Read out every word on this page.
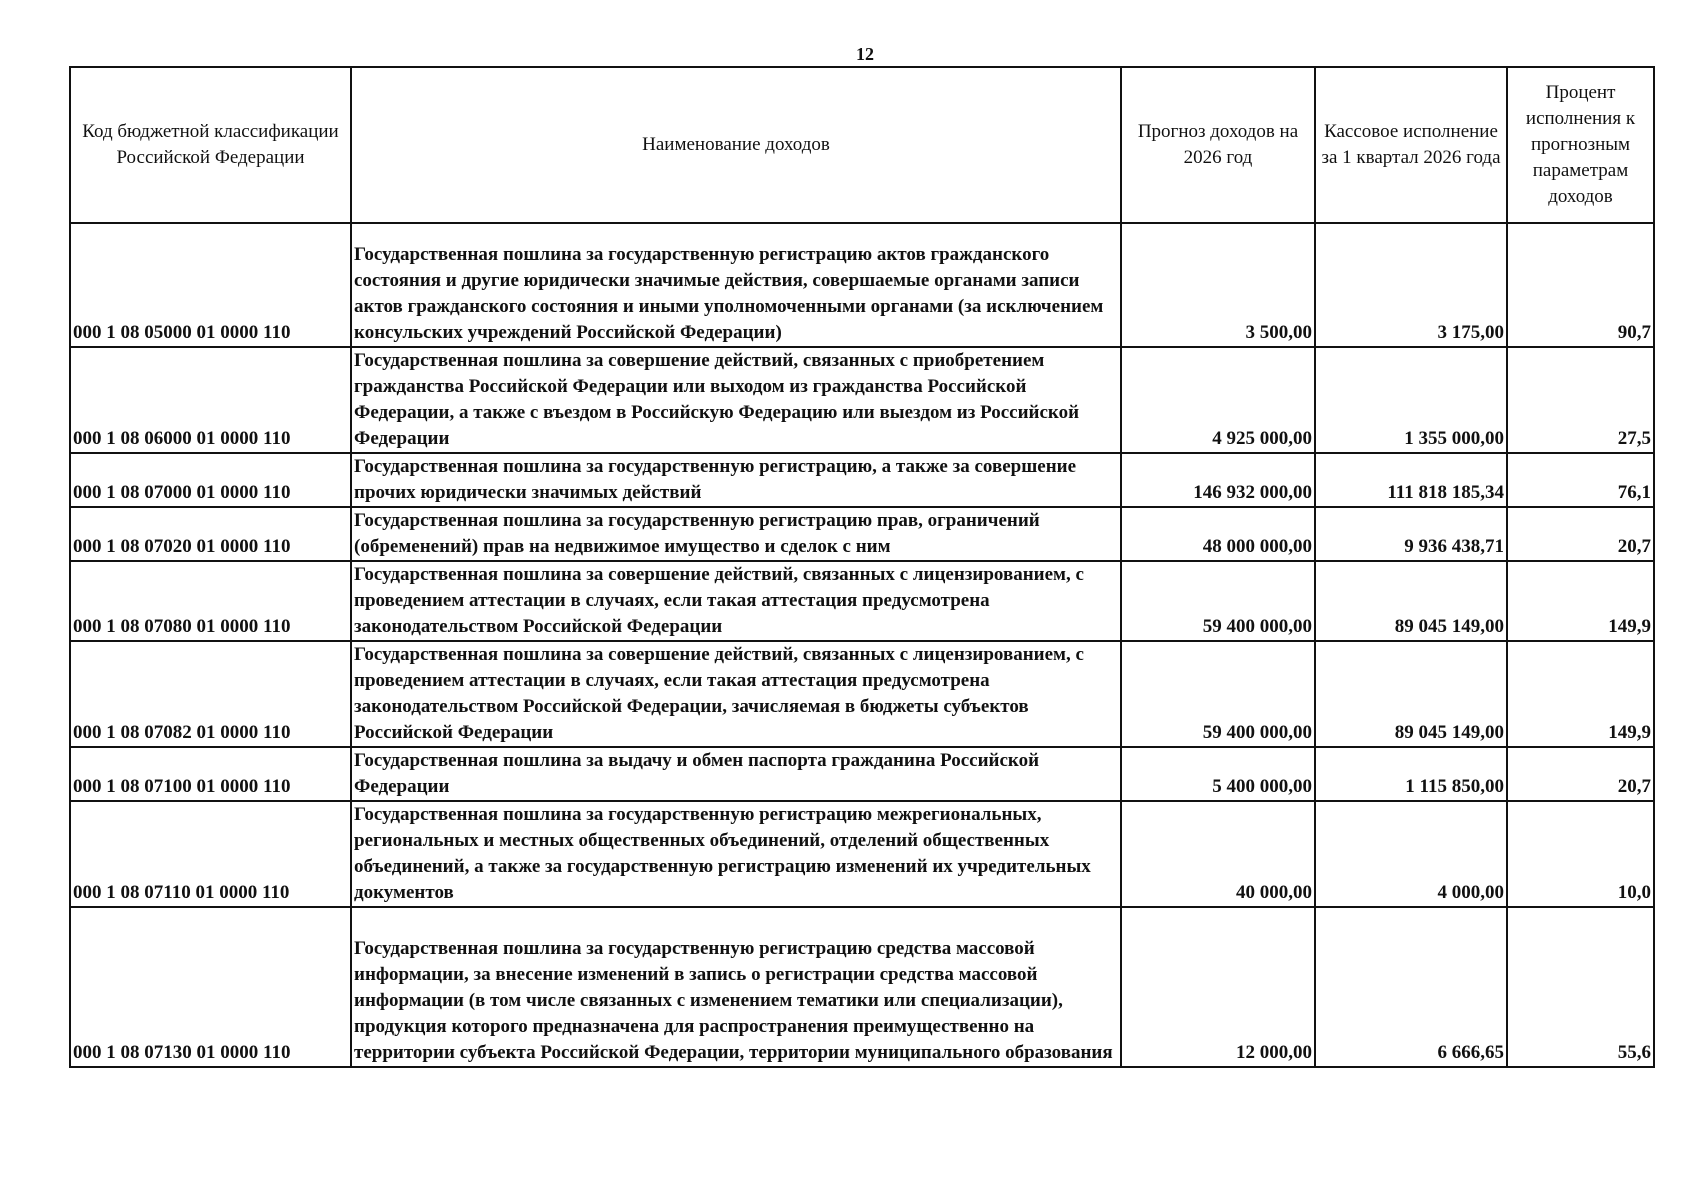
12
Код бюджетной классификации Российской Федерации	Наименование доходов	Прогноз доходов на 2026 год	Кассовое исполнение за 1 квартал 2026 года	Процент исполнения к прогнозным параметрам доходов
000 1 08 05000 01 0000 110	Государственная пошлина за государственную регистрацию актов гражданского состояния и другие юридически значимые действия, совершаемые органами записи актов гражданского состояния и иными уполномоченными органами (за исключением консульских учреждений Российской Федерации)	3 500,00	3 175,00	90,7
000 1 08 06000 01 0000 110	Государственная пошлина за совершение действий, связанных с приобретением гражданства Российской Федерации или выходом из гражданства Российской Федерации, а также с въездом в Российскую Федерацию или выездом из Российской Федерации	4 925 000,00	1 355 000,00	27,5
000 1 08 07000 01 0000 110	Государственная пошлина за государственную регистрацию, а также за совершение прочих юридически значимых действий	146 932 000,00	111 818 185,34	76,1
000 1 08 07020 01 0000 110	Государственная пошлина за государственную регистрацию прав, ограничений (обременений) прав на недвижимое имущество и сделок с ним	48 000 000,00	9 936 438,71	20,7
000 1 08 07080 01 0000 110	Государственная пошлина за совершение действий, связанных с лицензированием, с проведением аттестации в случаях, если такая аттестация предусмотрена законодательством Российской Федерации	59 400 000,00	89 045 149,00	149,9
000 1 08 07082 01 0000 110	Государственная пошлина за совершение действий, связанных с лицензированием, с проведением аттестации в случаях, если такая аттестация предусмотрена законодательством Российской Федерации, зачисляемая в бюджеты субъектов Российской Федерации	59 400 000,00	89 045 149,00	149,9
000 1 08 07100 01 0000 110	Государственная пошлина за выдачу и обмен паспорта гражданина Российской Федерации	5 400 000,00	1 115 850,00	20,7
000 1 08 07110 01 0000 110	Государственная пошлина за государственную регистрацию межрегиональных, региональных и местных общественных объединений, отделений общественных объединений, а также за государственную регистрацию изменений их учредительных документов	40 000,00	4 000,00	10,0
000 1 08 07130 01 0000 110	Государственная пошлина за государственную регистрацию средства массовой информации, за внесение изменений в запись о регистрации средства массовой информации (в том числе связанных с изменением тематики или специализации), продукция которого предназначена для распространения преимущественно на территории субъекта Российской Федерации, территории муниципального образования	12 000,00	6 666,65	55,6
